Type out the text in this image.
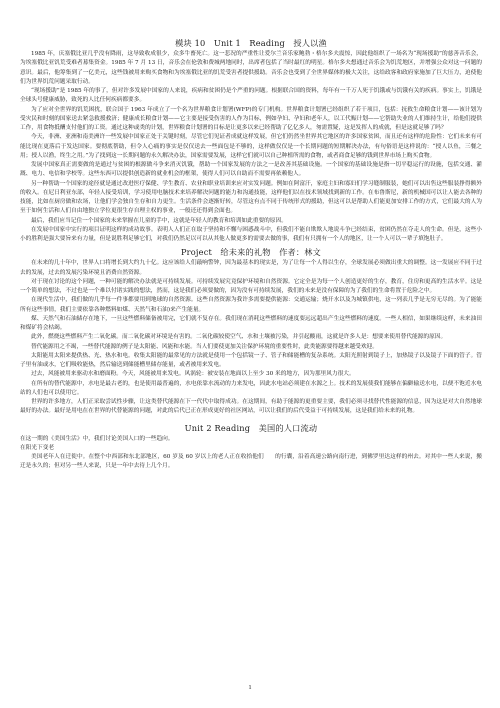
模块 10　Unit 1　Reading　授人以渔

1985 年，庆塞俄比亚几乎没有降雨，这导致收成很少，众多牛畜死亡。这一悲况的严重性让爱尔兰音乐家鲍勃・格尔多夫震惊，因此他组织了一场名为“现场援助”的慈善音乐会，为埃塞俄比亚饥荒受难者募集资金。1985 年 7 月 13 日，音乐会在伦敦和费城两地同时，出席者包括了当时最红的明星。格尔多夫想通过音乐会为饥荒地区，并增强公众对这一问题的意识。最后，他筹集到了一亿美元，这些钱被用来购买食物和为埃塞俄比亚的饥荒受害者提供援助。音乐会也受到了全世界媒体的极大关注，这给政客和政府家施加了巨大压力，迫使他们为世界饥荒问题采取行动。

“现场援助”是 1985 年的事了，但对许多发展中国家的人来说，疾病和贫困仍是个严重的问题。根据联合国的资料，每年有一千万人死于饥饿或与饥饿有关的疾病。事实上，饥饿是全球头号健康威胁，致死的人比任何疾病都要多。

为了应对全世界的饥荒困扰，联合国于 1963 年成立了一个名为世界粮食计划署(WFP)的专门机构。世界粮食计划署已经组织了若干项目，包括：抚救生命粮食计划——该计划为受灾民和时刻的国家送去紧急救援救济；健康成长粮食计划——它主要是接受伤害的人作为目标，例如孕妇、孕妇和老年人，以工代赈计划——它帮助失业的人们维持生计，给他们提供工作，用食物抵酬支付他们的工资。通过这种或类的计划，世界粮食计划署的目标是让更多以来已经帮助了亿亿多人，匆需置疑，这是发挥人的成就，但是这就足够了吗？

今天，非洲、亚洲和南美洲许一些发展中国家正处于关键时刻，尽管它们见证者成就这样发展，但它们仍然坐世界其它地区的许多国家贫困，而且还有这样的危险性：它们未来有可能比现在更落后于发达国家。要彻底帮助，但令人心痛的事实是仅仅送去一些面包是不够的，这样做仅仅是一个长期问题的短期解决办法，有句俗语是这样说的：“授人以鱼，三餐之用；授人以渔，终生之用。”为了找到这一长期问题的永久解决办法，国家需要发展，这样它们就可以自己种植所需的食物，或者商食足够的钱到世界市场上购买食物。

发展中国家真正需要做的是通过与贫困的根源做斗争来消灭饥饿，帮助一个国家发展的方法之一是改善其基础设施。一个国家的基础设施是指一切平稳运行的设施，包括交通、灌溉、电力、电信和学校等。这些东西可以提供创造新的就业机会的框架，使得人们可以自助而不需要再依赖他人。

另一种帮助一个国家的途径就是通过改进医疗保健、学生教育、农业和职业培训来应对实发问题。例如在阿富汗，家庭主妇和寡妇们学习缝制服装，她们可以出售这些服装挣得额外的收入。在尼日利亚东部，年轻人接受培训，学习使用电脑技术来培养解决问题的能力和沟通技能，这样他们以在技术领域找到新的工作。在布鲁斯尼，新的机械国可以让人能去各种的技能，比如在厨房做和农场，让他们学会独自生存和自力更生。生活条件会逐渐好转，尽管这有点不同于传统形式的援助，但这可以是帮助人们能更加安排工作的方式，它们最大的人为至于如何生活和人们自由地独立学位更很生存自理主权的事业，一般还还得到会面也。

最后，我们应当记住一个国家的未来掌握在儿童的手中，这就是年轻人的教育和培训如此重要的原因。

在发展中国家中实行的项目证明这样的成功故事。表明人人们正在取于坚持和不懈与困惑战斗中，但我们不能自欺欺人地说斗争已经结束，贫困仍然在夺走人的生命。但是，这些小小的胜利是强大要旨来有力量，但是说胜利足够它们，对我们仍然足以可以从其他人做更多的需要去做的事，我们有只拥有一个人的地区，让一个人可以一辈子填饱肚子。

Project　给未来的礼物　作者：林文

在未来的几十年中，世界人口将增长到大约九十亿。这应该给人们敲响警钟，因为最基本的现实是，为了让每一个人得以生存，全球发展必须做出重大的调整。这一发展应不同于过去的发展，过去的发展污染环境且消费自然资源。

对于现在讨论的这个问题，一种可能的解决办法就是可持续发展。可持续发展究竟保护环境和自然资源。它定全是为每一个人创造更好的生存，教育，住房和更高的生活水平。这是一个简单的想法，不过也是一个难以付诸实践的想法，然而，这是我们必须要做的，因为没有可持续发展，我们的未来是没有保障的为了我们的生命将置于危险之中。

在现代生活中，我们做的几乎每一件事都要用到地球的自然资源。这些自然资源为我许多需要提供能源：交通运输；烧开水以及为城镇供电，这一列表几乎是无穷无尽的。为了能能所有这些事情，我们主要依靠各种燃料如煤、天然气和石油)来产生能量。

煤、天然气和石油储存在地下，一旦这些燃料储备被用完，它们就不复存在。我们现在消耗这些燃料的速度要远远超出产生这些燃料的速度。一些人相信，如果继续这样，未来油田和煤矿将会枯竭。

此外，燃烧这些燃料产生二氧化碳。而二氧化碳对环境是有害的。二氧化碳较使空气、水和土壤被污染，并引起酸雨，这就是许多人是：想要来使用替代能源的原因。

替代能源用之不竭，一些替代能源的例子是太阳能、风能和水能。当人们要使更加关注保护环境的重要性时，此类能源要得越来越受欢迎。

太阳能用太阳来提供热、光、热水和电。收集太阳能的最常见的方法就是使用一个包括镜一子、管子和储能槽的复杂系统。太阳光照射到镜子上，加热镜子以及镜子下面的管子。管子里有油或水，它们吸收能热，然后输送到储能槽里储存能量，或者被用来发电。

过去，风能被用来驱动水和磨面粉。今天，风能被用来发电。风涡轮：被安装在地面以上至少 30 米的地方，因为那里风力很大。

在所有的替代能源中，水电是最古老的，也是使用最普遍的，水电依靠水流动的力来发电，因此水电站必须建在水源之上。技术的发展使我们能够在偏僻输送水电，以便不饱近水电站的人们也可以使用它。

世界的许多地方，人们正采取尝试性步骤，让这类替代能源在下一代代中取得成功。在这期间，有助于能源的更重要主要，我们必须寻找替代性能源的信息，因为这是对大自然地球最好的办法。最好是用电在在世界的代替能源的问题，对此的后代已正在形成更好的社区网站，可以让我们的后代受益于可持续发展，这是我们给未来的礼物。

Unit 2 Reading　美国的人口流动

在这一期的《美国生活》中，我们讨论美国人口的一些趋向。

在阳光下变老

美国老年人在迁徙中。在整个中西部和东北部地区，60 岁及 60 岁以上的老人正在收拾他们　　的行囊，沿着高速公路向南行进，到佛罗里达这样的州去。对其中一些人来说，搬迁是永久的；但对另一些人来说，只是一年中去待上几个月。

1
